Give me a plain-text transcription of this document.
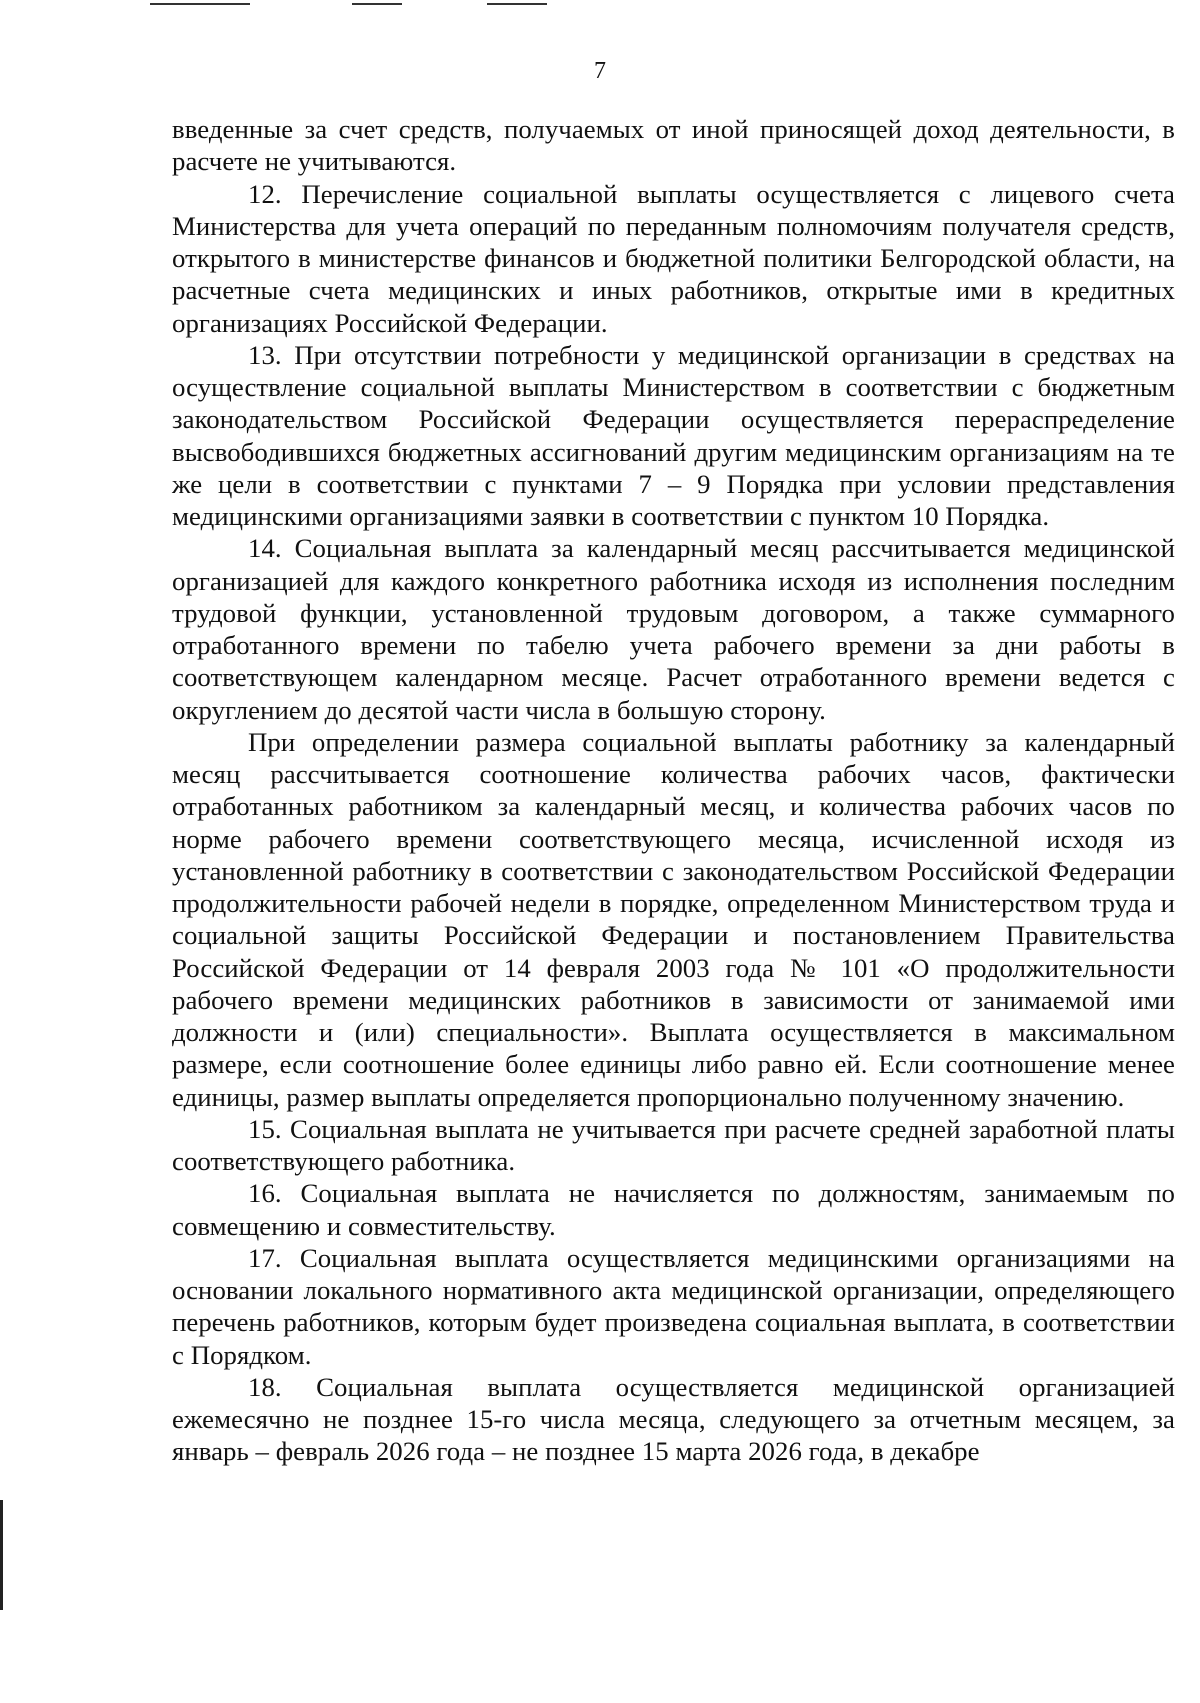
7

введенные за счет средств, получаемых от иной приносящей доход деятельности, в расчете не учитываются.

12. Перечисление социальной выплаты осуществляется с лицевого счета Министерства для учета операций по переданным полномочиям получателя средств, открытого в министерстве финансов и бюджетной политики Белгородской области, на расчетные счета медицинских и иных работников, открытые ими в кредитных организациях Российской Федерации.

13. При отсутствии потребности у медицинской организации в средствах на осуществление социальной выплаты Министерством в соответствии с бюджетным законодательством Российской Федерации осуществляется перераспределение высвободившихся бюджетных ассигнований другим медицинским организациям на те же цели в соответствии с пунктами 7 – 9 Порядка при условии представления медицинскими организациями заявки в соответствии с пунктом 10 Порядка.

14. Социальная выплата за календарный месяц рассчитывается медицинской организацией для каждого конкретного работника исходя из исполнения последним трудовой функции, установленной трудовым договором, а также суммарного отработанного времени по табелю учета рабочего времени за дни работы в соответствующем календарном месяце. Расчет отработанного времени ведется с округлением до десятой части числа в большую сторону.

При определении размера социальной выплаты работнику за календарный месяц рассчитывается соотношение количества рабочих часов, фактически отработанных работником за календарный месяц, и количества рабочих часов по норме рабочего времени соответствующего месяца, исчисленной исходя из установленной работнику в соответствии с законодательством Российской Федерации продолжительности рабочей недели в порядке, определенном Министерством труда и социальной защиты Российской Федерации и постановлением Правительства Российской Федерации от 14 февраля 2003 года № 101 «О продолжительности рабочего времени медицинских работников в зависимости от занимаемой ими должности и (или) специальности». Выплата осуществляется в максимальном размере, если соотношение более единицы либо равно ей. Если соотношение менее единицы, размер выплаты определяется пропорционально полученному значению.

15. Социальная выплата не учитывается при расчете средней заработной платы соответствующего работника.

16. Социальная выплата не начисляется по должностям, занимаемым по совмещению и совместительству.

17. Социальная выплата осуществляется медицинскими организациями на основании локального нормативного акта медицинской организации, определяющего перечень работников, которым будет произведена социальная выплата, в соответствии с Порядком.

18. Социальная выплата осуществляется медицинской организацией ежемесячно не позднее 15-го числа месяца, следующего за отчетным месяцем, за январь – февраль 2026 года – не позднее 15 марта 2026 года, в декабре
